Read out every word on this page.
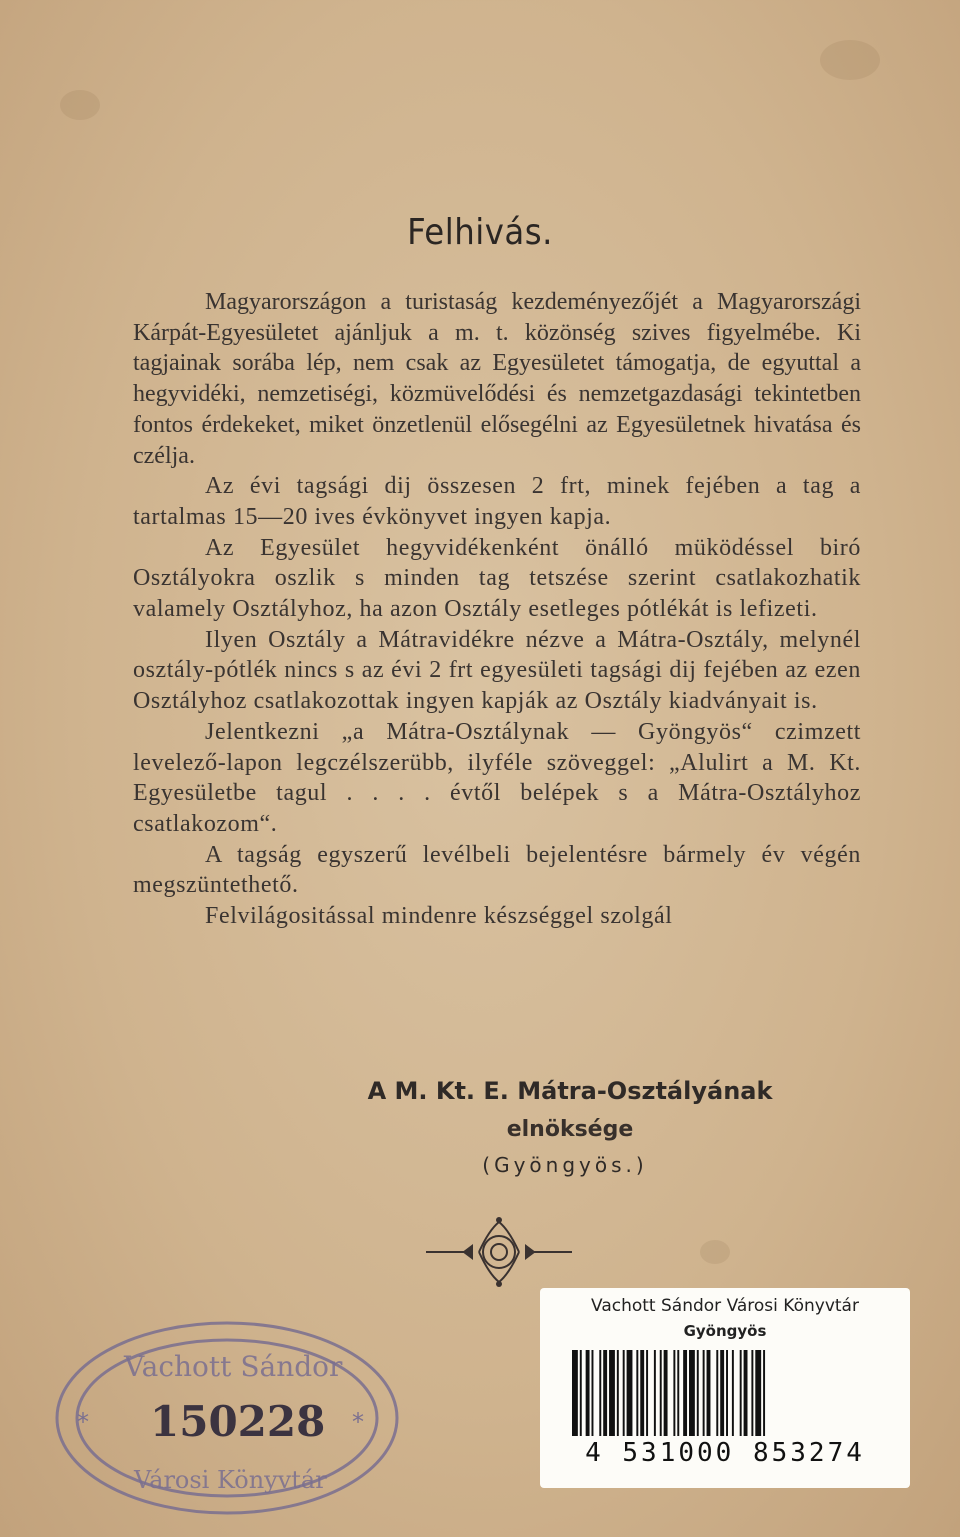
Felhivás.

Magyarországon a turistaság kezdeményezőjét a Magyarországi Kárpát-Egyesületet ajánljuk a m. t. közönség szives figyelmébe. Ki tagjainak sorába lép, nem csak az Egyesületet támogatja, de egyuttal a hegyvidéki, nemzetiségi, közmüvelődési és nemzetgazdasági tekintetben fontos érdekeket, miket önzetlenül elősegélni az Egyesületnek hivatása és czélja.

Az évi tagsági dij összesen 2 frt, minek fejében a tag a tartalmas 15—20 ives évkönyvet ingyen kapja.

Az Egyesület hegyvidékenként önálló müködéssel biró Osztályokra oszlik s minden tag tetszése szerint csatlakozhatik valamely Osztályhoz, ha azon Osztály esetleges pótlékát is lefizeti.

Ilyen Osztály a Mátravidékre nézve a Mátra-Osztály, melynél osztály-pótlék nincs s az évi 2 frt egyesületi tagsági dij fejében az ezen Osztályhoz csatlakozottak ingyen kapják az Osztály kiadványait is.

Jelentkezni „a Mátra-Osztálynak — Gyöngyös“ czimzett levelező-lapon legczélszerübb, ilyféle szöveggel: „Alulirt a M. Kt. Egyesületbe tagul . . . . évtől belépek s a Mátra-Osztályhoz csatlakozom“.

A tagság egyszerű levélbeli bejelentésre bármely év végén megszüntethető.

Felvilágositással mindenre készséggel szolgál

A M. Kt. E. Mátra-Osztályának
elnöksége
(Gyöngyös.)
Vachott Sándor
* 150228 *
Városi Könyvtár
Vachott Sándor Városi Könyvtár
Gyöngyös
4 531000 853274
